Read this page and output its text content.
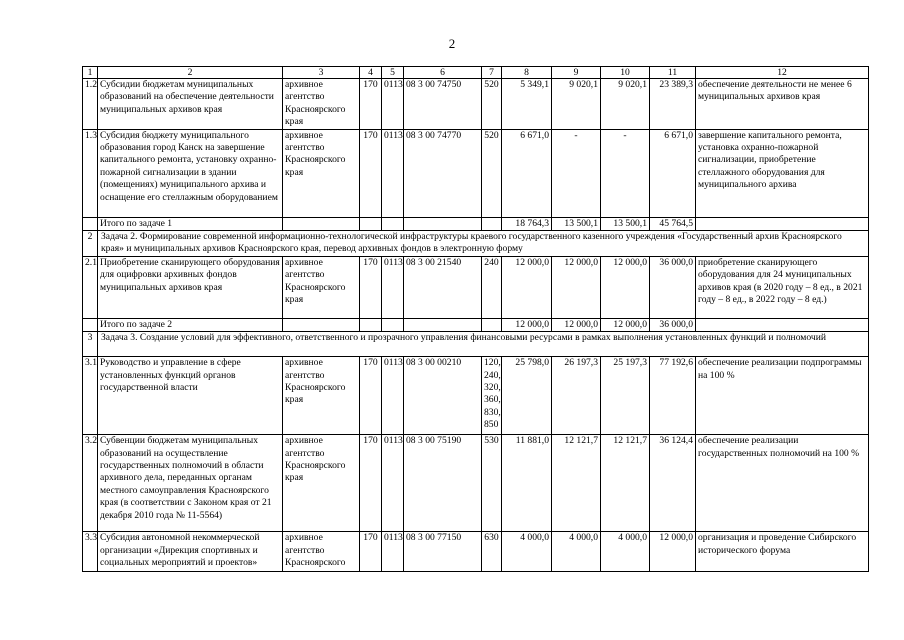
2
1	2	3	4	5	6	7	8	9	10	11	12
1.2	Субсидии бюджетам муниципальных образований на обеспечение деятельности муниципальных архивов края	архивное агентство Красноярского края	170	0113	08 3 00 74750	520	5 349,1	9 020,1	9 020,1	23 389,3	обеспечение деятельности не менее 6 муниципальных архивов края
1.3	Субсидия бюджету муниципального образования город Канск на завершение капитального ремонта, установку охранно-пожарной сигнализации в здании (помещениях) муниципального архива и оснащение его стеллажным оборудованием	архивное агентство Красноярского края	170	0113	08 3 00 74770	520	6 671,0	-	-	6 671,0	завершение капитального ремонта, установка охранно-пожарной сигнализации, приобретение стеллажного оборудования для муниципального архива
	Итого по задаче 1						18 764,3	13 500,1	13 500,1	45 764,5	
2	Задача 2. Формирование современной информационно-технологической инфраструктуры краевого государственного казенного учреждения «Государственный архив Красноярского края» и муниципальных архивов Красноярского края, перевод архивных фондов в электронную форму										
2.1	Приобретение сканирующего оборудования для оцифровки архивных фондов муниципальных архивов края	архивное агентство Красноярского края	170	0113	08 3 00 21540	240	12 000,0	12 000,0	12 000,0	36 000,0	приобретение сканирующего оборудования для 24 муниципальных архивов края (в 2020 году – 8 ед., в 2021 году – 8 ед., в 2022 году – 8 ед.)
	Итого по задаче 2						12 000,0	12 000,0	12 000,0	36 000,0	
3	Задача 3. Создание условий для эффективного, ответственного и прозрачного управления финансовыми ресурсами в рамках выполнения установленных функций и полномочий										
3.1	Руководство и управление в сфере установленных функций органов государственной власти	архивное агентство Красноярского края	170	0113	08 3 00 00210	120, 240, 320, 360, 830, 850	25 798,0	26 197,3	25 197,3	77 192,6	обеспечение реализации подпрограммы на 100 %
3.2	Субвенции бюджетам муниципальных образований на осуществление государственных полномочий в области архивного дела, переданных органам местного самоуправления Красноярского края (в соответствии с Законом края от 21 декабря 2010 года № 11-5564)	архивное агентство Красноярского края	170	0113	08 3 00 75190	530	11 881,0	12 121,7	12 121,7	36 124,4	обеспечение реализации государственных полномочий на 100 %
3.3	Субсидия автономной некоммерческой организации «Дирекция спортивных и социальных мероприятий и проектов»	архивное агентство Красноярского	170	0113	08 3 00 77150	630	4 000,0	4 000,0	4 000,0	12 000,0	организация и проведение Сибирского исторического форума
